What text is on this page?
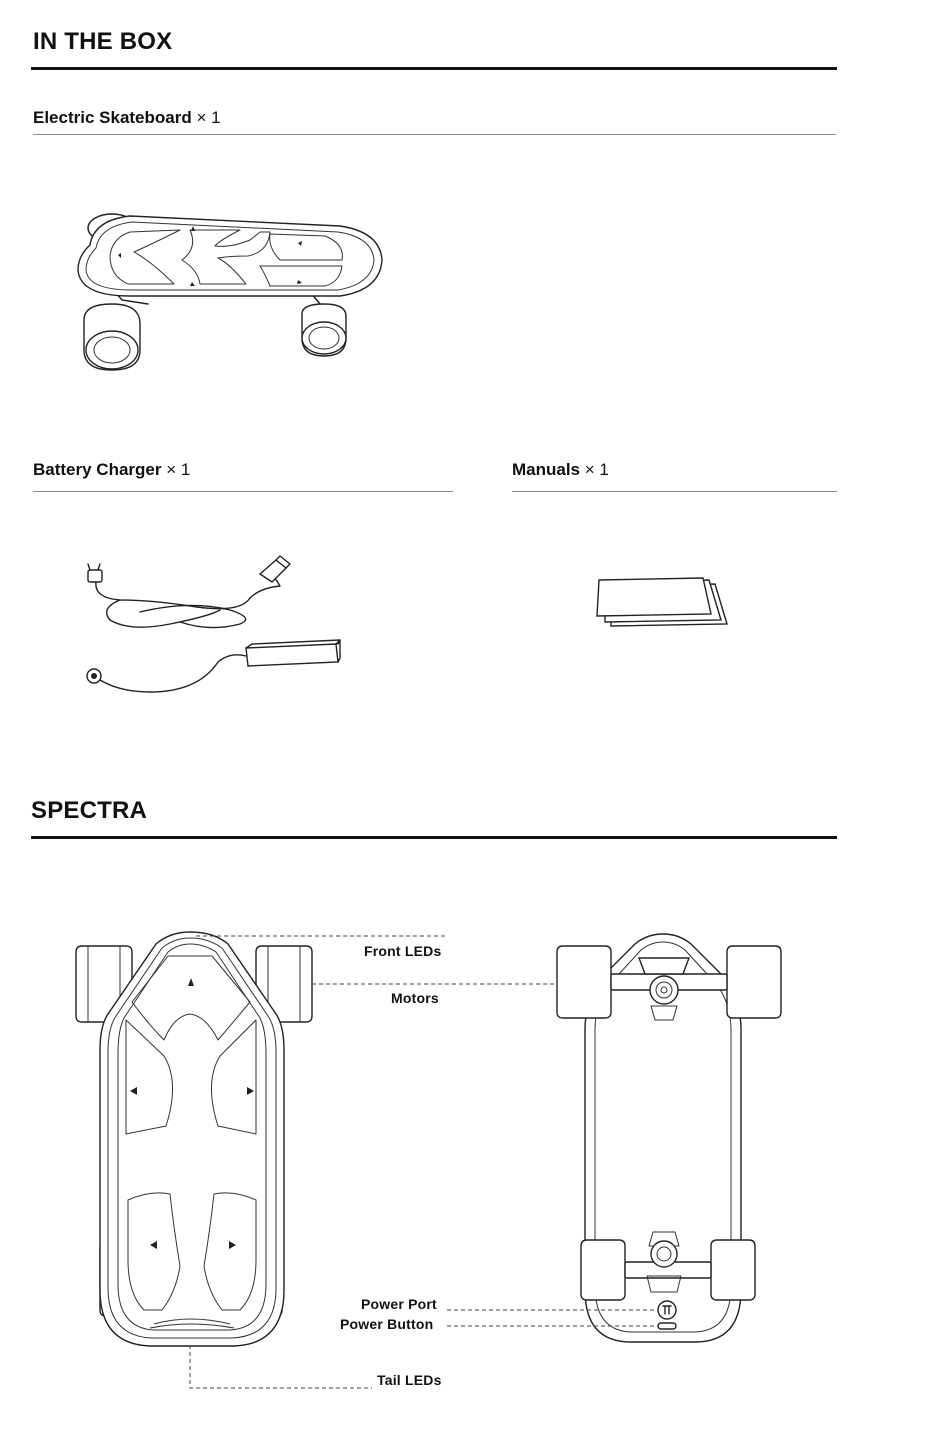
IN THE BOX
Electric Skateboard × 1
Battery Charger × 1	Manuals × 1
SPECTRA
Front LEDs
Motors
Power Port
Power Button
Tail LEDs
